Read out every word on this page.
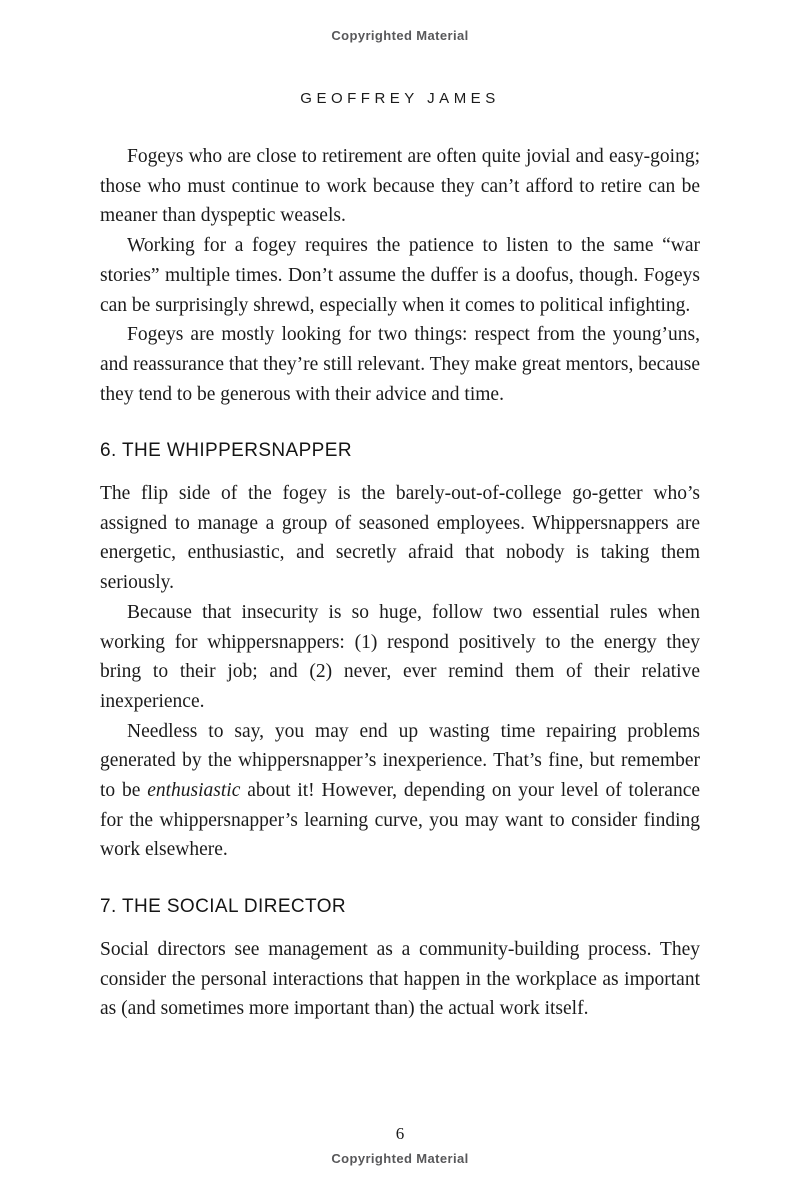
Copyrighted Material
GEOFFREY JAMES

Fogeys who are close to retirement are often quite jovial and easy-going; those who must continue to work because they can’t afford to retire can be meaner than dyspeptic weasels.

Working for a fogey requires the patience to listen to the same “war stories” multiple times. Don’t assume the duffer is a doofus, though. Fogeys can be surprisingly shrewd, especially when it comes to political infighting.

Fogeys are mostly looking for two things: respect from the young’uns, and reassurance that they’re still relevant. They make great mentors, because they tend to be generous with their advice and time.

6. THE WHIPPERSNAPPER

The flip side of the fogey is the barely-out-of-college go-getter who’s assigned to manage a group of seasoned employees. Whippersnappers are energetic, enthusiastic, and secretly afraid that nobody is taking them seriously.

Because that insecurity is so huge, follow two essential rules when working for whippersnappers: (1) respond positively to the energy they bring to their job; and (2) never, ever remind them of their relative inexperience.

Needless to say, you may end up wasting time repairing problems generated by the whippersnapper’s inexperience. That’s fine, but remember to be enthusiastic about it! However, depending on your level of tolerance for the whippersnapper’s learning curve, you may want to consider finding work elsewhere.

7. THE SOCIAL DIRECTOR

Social directors see management as a community-building process. They consider the personal interactions that happen in the workplace as important as (and sometimes more important than) the actual work itself.

6
Copyrighted Material
